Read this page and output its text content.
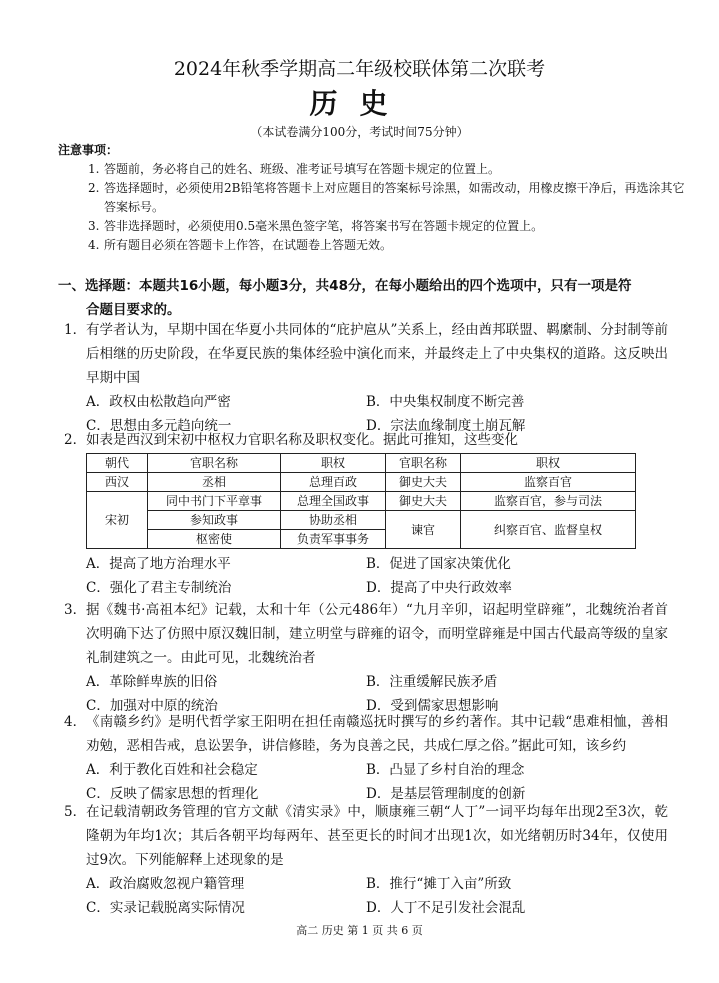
2024年秋季学期高二年级校联体第二次联考
历史
（本试卷满分100分，考试时间75分钟）
注意事项：
1. 答题前，务必将自己的姓名、班级、准考证号填写在答题卡规定的位置上。
2. 答选择题时，必须使用2B铅笔将答题卡上对应题目的答案标号涂黑，如需改动，用橡皮擦干净后，再选涂其它答案标号。
3. 答非选择题时，必须使用0.5毫米黑色签字笔，将答案书写在答题卡规定的位置上。
4. 所有题目必须在答题卡上作答，在试题卷上答题无效。
一、选择题：本题共16小题，每小题3分，共48分，在每小题给出的四个选项中，只有一项是符
合题目要求的。
1． 有学者认为，早期中国在华夏小共同体的“庇护扈从”关系上，经由酋邦联盟、羁縻制、分封制等前后相继的历史阶段，在华夏民族的集体经验中演化而来，并最终走上了中央集权的道路。这反映出早期中国
A．政权由松散趋向严密	B．中央集权制度不断完善
C．思想由多元趋向统一	D．宗法血缘制度土崩瓦解
2． 如表是西汉到宋初中枢权力官职名称及职权变化。据此可推知，这些变化
朝代	官职名称	职权	官职名称	职权
西汉	丞相	总理百政	御史大夫	监察百官
宋初	同中书门下平章事	总理全国政事	御史大夫	监察百官，参与司法
	参知政事	协助丞相	谏官	纠察百官、监督皇权
	枢密使	负责军事事务		
A．提高了地方治理水平	B．促进了国家决策优化
C．强化了君主专制统治	D．提高了中央行政效率
3． 据《魏书·高祖本纪》记载，太和十年（公元486年）“九月辛卯，诏起明堂辟雍”，北魏统治者首次明确下达了仿照中原汉魏旧制，建立明堂与辟雍的诏令，而明堂辟雍是中国古代最高等级的皇家礼制建筑之一。由此可见，北魏统治者
A．革除鲜卑族的旧俗	B．注重缓解民族矛盾
C．加强对中原的统治	D．受到儒家思想影响
4． 《南赣乡约》是明代哲学家王阳明在担任南赣巡抚时撰写的乡约著作。其中记载“患难相恤，善相劝勉，恶相告戒，息讼罢争，讲信修睦，务为良善之民，共成仁厚之俗。”据此可知，该乡约
A．利于教化百姓和社会稳定	B．凸显了乡村自治的理念
C．反映了儒家思想的哲理化	D．是基层管理制度的创新
5． 在记载清朝政务管理的官方文献《清实录》中，顺康雍三朝“人丁”一词平均每年出现2至3次，乾隆朝为年均1次；其后各朝平均每两年、甚至更长的时间才出现1次，如光绪朝历时34年，仅使用过9次。下列能解释上述现象的是
A．政治腐败忽视户籍管理	B．推行“摊丁入亩”所致
C．实录记载脱离实际情况	D．人丁不足引发社会混乱
高二 历史 第 1 页 共 6 页
